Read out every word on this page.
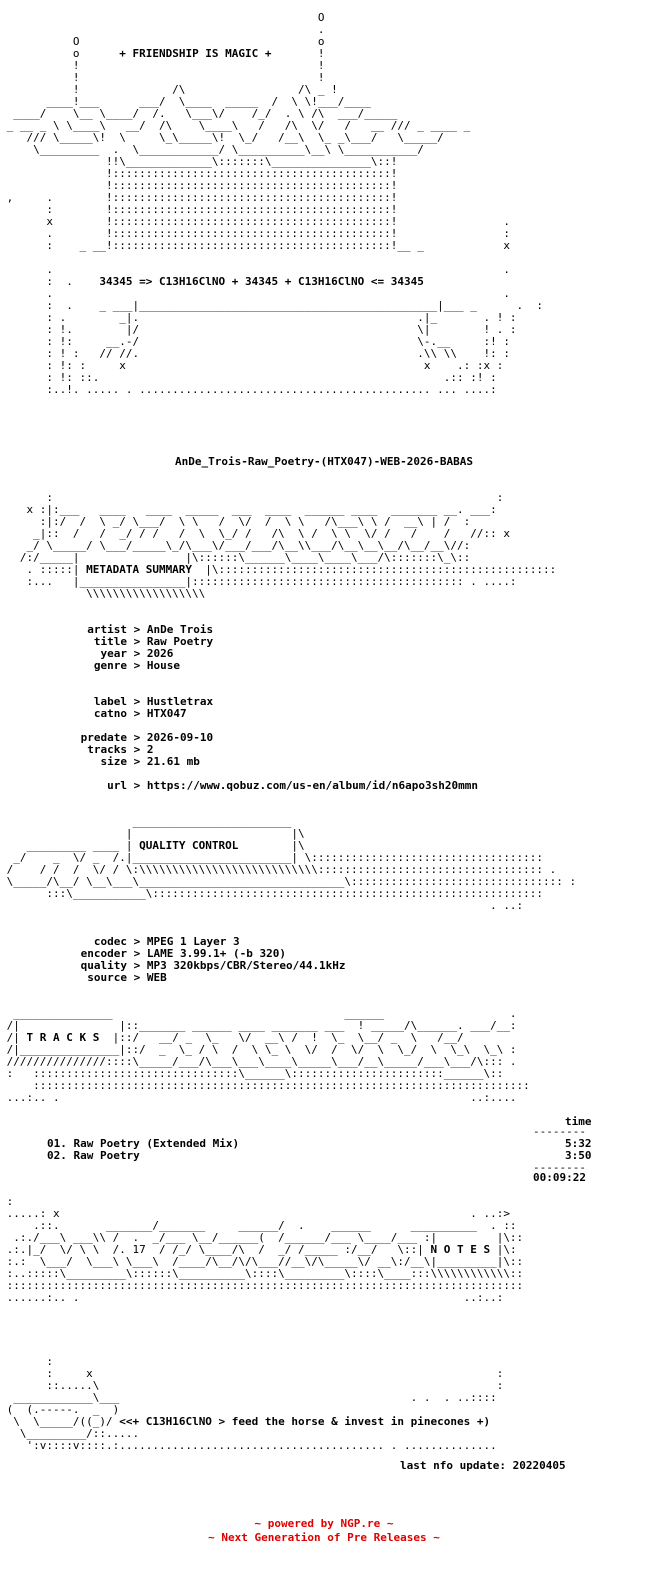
O
.
O                                    o
o      + FRIENDSHIP IS MAGIC +       !
!                                    !
!                                    !
!              /\                 /\ _ !
____!___      ___/  \____  _____  /  \ \!___/____
____/    \__ \____/  /.   \___\/    /_/  . \ /\  ___/_____
_ __ _ \ \____\   __/  /\    \____\   /   /\  \/   /   __ /// _ ____ _
/// \_____\!  \     \_\_____\!  \_/   /__\  \_ _\___/   \_____/
\_________  .  \____________/ \__________\__\ \___________/
!!\_____________\:::::::\_______________\::!
!::::::::::::::::::::::::::::::::::::::::::!
!::::::::::::::::::::::::::::::::::::::::::!
,     .        !::::::::::::::::::::::::::::::::::::::::::!
:        !::::::::::::::::::::::::::::::::::::::::::!
x        !::::::::::::::::::::::::::::::::::::::::::!                .
.        !::::::::::::::::::::::::::::::::::::::::::!                :
:    _ __!::::::::::::::::::::::::::::::::::::::::::!__ _            x

.                                                                    .
:  .    34345 => C13H16ClNO + 34345 + C13H16ClNO <= 34345
.                                                                    .
:  .    _ ___|_____________________________________________|___ _      .  :
: .        _|.                                          .|_       . ! :
: !.        |/                                          \|        ! . :
: !:     __.-/                                          \-.__     :! :
: ! :   // //.                                          .\\ \\    !: :
: !: :     x                                             x    .: :x :
: !: ::.                                                    .:: :! :
:..!. ..... . ............................................ ... ....:
AnDe_Trois-Raw_Poetry-(HTX047)-WEB-2026-BABAS
:                                                                   :
x :|:___   ____   ____  _____  ___  ____  ______ ____  _______ __. ___:
:|:/  /  \ _/ \___/  \ \   /  \/  /  \ \   /\___\ \ /  __\ | /  :
_|::  /   /  _/ / /   /  \  \_/ /   /\  \ /  \ \  \/ /   /    /   //:: x
_/ \_____/ \___/_____\_/\___\/___/___/\__\\___/\__\__\__/\__/__\//:
/:/_____|                |\::::::\______\____\____\___/\:::::::\_\::
. :::::| METADATA SUMMARY  |\:::::::::::::::::::::::::::::::::::::::::::::::::::
:...   |________________|::::::::::::::::::::::::::::::::::::::::: . ....:
\\\\\\\\\\\\\\\\\\
artist > AnDe Trois
title > Raw Poetry
year > 2026
genre > House
label > Hustletrax
catno > HTX047
predate > 2026-09-10
tracks > 2
size > 21.61 mb
url > https://www.qobuz.com/us-en/album/id/n6apo3sh20mmn
________________________
|                        |\
_________ ____ | QUALITY CONTROL        |\
_/    _  \/ _  /.|________________________| \:::::::::::::::::::::::::::::::::::
/    / /  /  \/ / \:\\\\\\\\\\\\\\\\\\\\\\\\\\\:::::::::::::::::::::::::::::::::: .
\_____/\__/ \__\___\_______________________________\:::::::::::::::::::::::::::::::: :
:::\___________\:::::::::::::::::::::::::::::::::::::::::::::::::::::::::::
. ..:
codec > MPEG 1 Layer 3
encoder > LAME 3.99.1+ (-b 320)
quality > MP3 320kbps/CBR/Stereo/44.1kHz
source > WEB
_______________                                   ______                   .
/|               |::_______ ______ ____ _______ ___  ! _____/\______. ___/__:
/| T R A C K S  |::/   __/ _  \_   \/  __\ /  !  \_  \__/ _  \   /__/
/|_______________|::/  _  \_ / \  /  \ \_ \  \/  /  \/  \  \_/  \  \_\  \_\ :
///////////////::::\_____/___/\___\___\____\_____\___/__\_____/___\___/\::: .
:   :::::::::::::::::::::::::::::::\______\:::::::::::::::::::::::______\::
:::::::::::::::::::::::::::::::::::::::::::::::::::::::::::::::::::::::::::
...:.. .                                                              ..:....
time
--------
01. Raw Poetry (Extended Mix)	5:32
02. Raw Poetry	3:50
--------
00:09:22
:
.....: x                                                              . ..:>
.::.       _______/_______     ______/  .    ______      __________  . ::
.:./___\ ___\\ /  .  _/___ \__/______(  /______/___ \____/___ :|         |\::
.:.|_/  \/ \ \  /. 17  / /_/ \____/\  /  _/ /_____ :/__/   \::| N O T E S |\:
:.:  \___/  \___\ \___\  /____/\__/\/\___//__\/\_____\/ __\:/__\|_________|\::
:..:::::\_________\::::::\__________\::::\_________\::::\____:::\\\\\\\\\\\\::
::::::::::::::::::::::::::::::::::::::::::::::::::::::::::::::::::::::::::::::
......:.. .                                                          ..:..:
:
:     x                                                             :
::.....\                                                            :
____________\___                                            . .  . ..::::
(  (.-----.  _  )
\  \_____/((_)/ <<+ C13H16ClNO > feed the horse & invest in pinecones +)
\_________/::.....
':v::::v::::.:........................................ . ..............
last nfo update: 20220405
~ powered by NGP.re ~
~ Next Generation of Pre Releases ~
